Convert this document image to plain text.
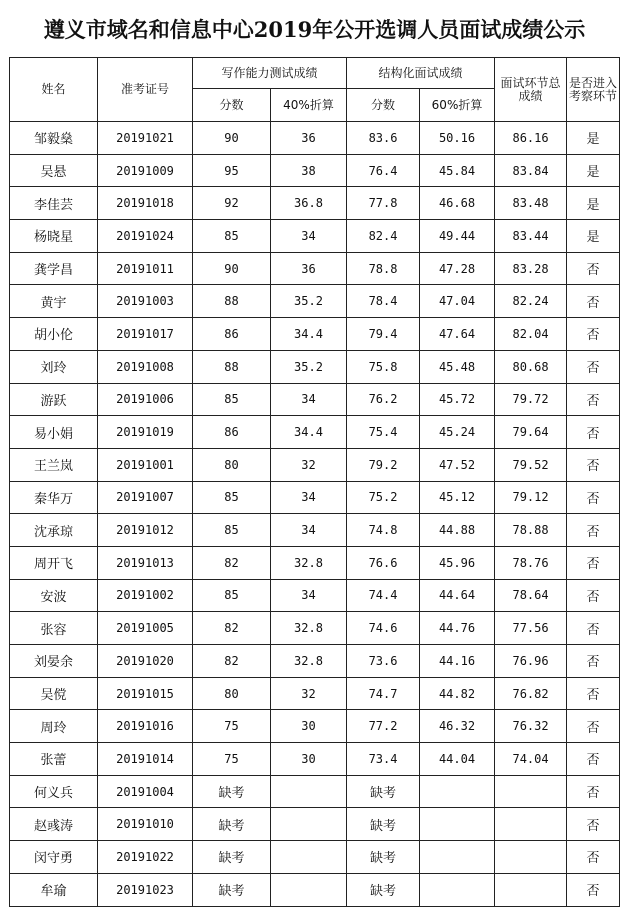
遵义市域名和信息中心2019年公开选调人员面试成绩公示
姓名	准考证号	写作能力测试成绩		结构化面试成绩		面试环节总成绩	是否进入考察环节
		分数	40%折算	分数	60%折算		
邹毅燊	20191021	90	36	83.6	50.16	86.16	是
吴悬	20191009	95	38	76.4	45.84	83.84	是
李佳芸	20191018	92	36.8	77.8	46.68	83.48	是
杨晓星	20191024	85	34	82.4	49.44	83.44	是
龚学昌	20191011	90	36	78.8	47.28	83.28	否
黄宇	20191003	88	35.2	78.4	47.04	82.24	否
胡小伦	20191017	86	34.4	79.4	47.64	82.04	否
刘玲	20191008	88	35.2	75.8	45.48	80.68	否
游跃	20191006	85	34	76.2	45.72	79.72	否
易小娟	20191019	86	34.4	75.4	45.24	79.64	否
王兰岚	20191001	80	32	79.2	47.52	79.52	否
秦华万	20191007	85	34	75.2	45.12	79.12	否
沈承琼	20191012	85	34	74.8	44.88	78.88	否
周开飞	20191013	82	32.8	76.6	45.96	78.76	否
安波	20191002	85	34	74.4	44.64	78.64	否
张容	20191005	82	32.8	74.6	44.76	77.56	否
刘晏余	20191020	82	32.8	73.6	44.16	76.96	否
吴傥	20191015	80	32	74.7	44.82	76.82	否
周玲	20191016	75	30	77.2	46.32	76.32	否
张蕾	20191014	75	30	73.4	44.04	74.04	否
何义兵	20191004	缺考		缺考			否
赵彧涛	20191010	缺考		缺考			否
闵守勇	20191022	缺考		缺考			否
牟瑜	20191023	缺考		缺考			否
